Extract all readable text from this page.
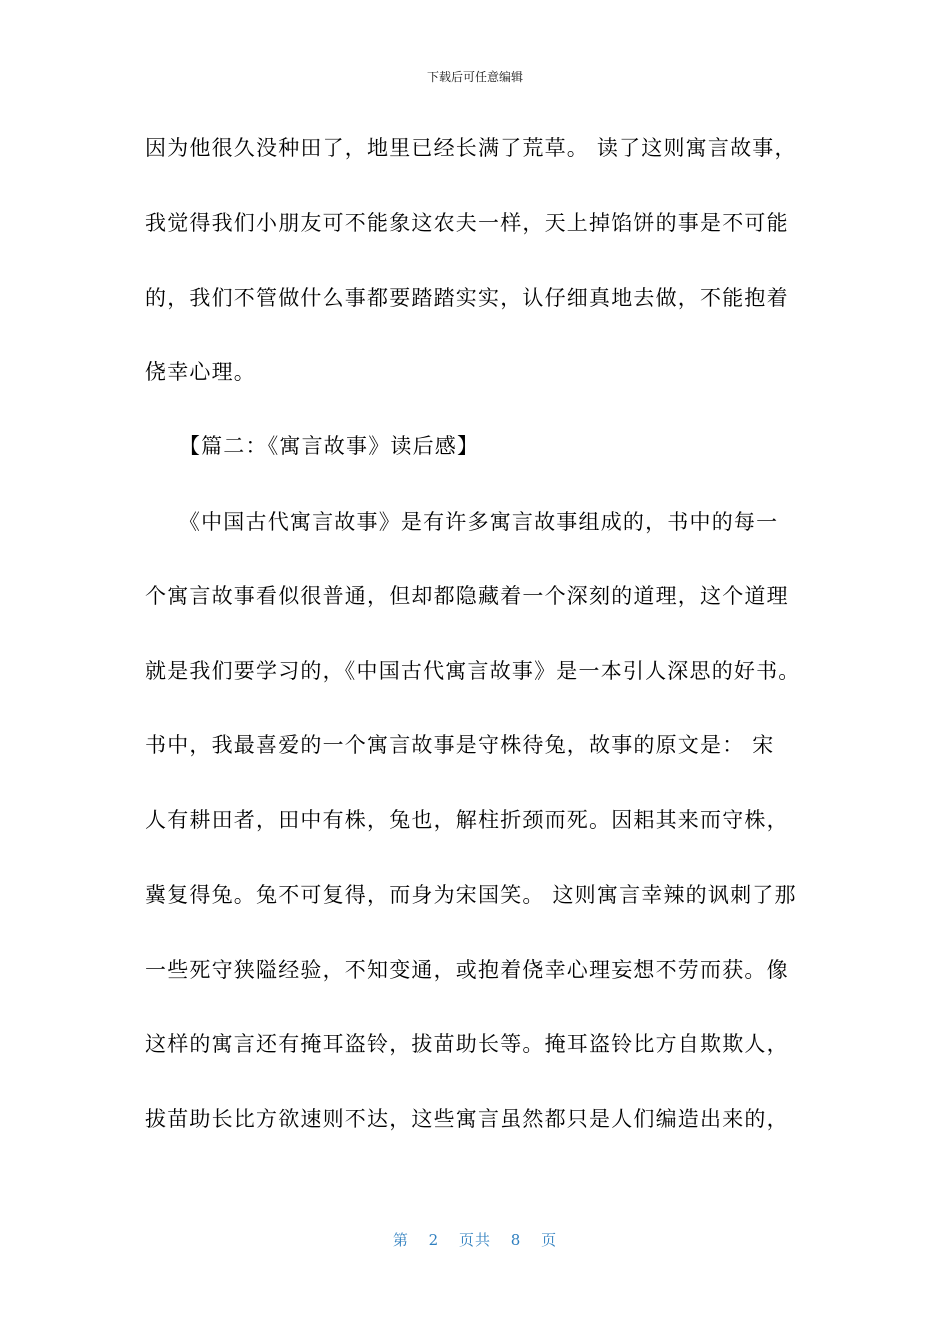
下载后可任意编辑
因为他很久没种田了，地里已经长满了荒草。 读了这则寓言故事，
我觉得我们小朋友可不能象这农夫一样，天上掉馅饼的事是不可能
的，我们不管做什么事都要踏踏实实，认仔细真地去做，不能抱着
侥幸心理。
　　【篇二：《寓言故事》读后感】
　　《中国古代寓言故事》是有许多寓言故事组成的，书中的每一
个寓言故事看似很普通，但却都隐藏着一个深刻的道理，这个道理
就是我们要学习的，《中国古代寓言故事》是一本引人深思的好书。
书中，我最喜爱的一个寓言故事是守株待兔，故事的原文是： 宋
人有耕田者，田中有株，兔也，解柱折颈而死。因耜其来而守株，
冀复得兔。兔不可复得，而身为宋国笑。 这则寓言幸辣的讽刺了那
一些死守狭隘经验，不知变通，或抱着侥幸心理妄想不劳而获。像
这样的寓言还有掩耳盗铃，拔苗助长等。掩耳盗铃比方自欺欺人，
拔苗助长比方欲速则不达，这些寓言虽然都只是人们编造出来的，
第 2 页共 8 页
